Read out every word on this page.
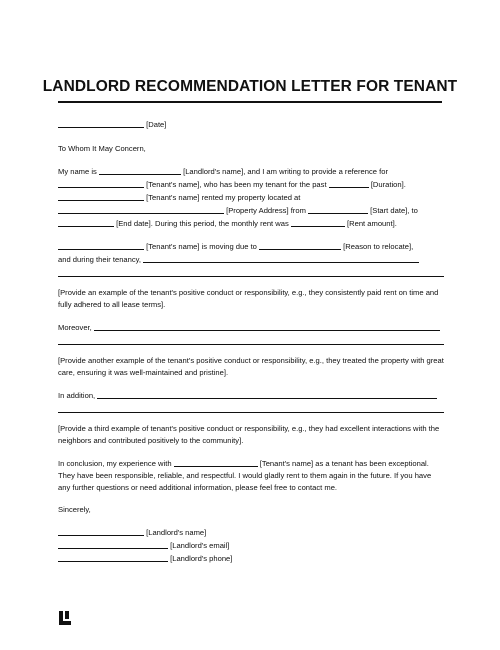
LANDLORD RECOMMENDATION LETTER FOR TENANT

[Date]

To Whom It May Concern,

My name is	[Landlord's name], and I am writing to provide a reference for
[Tenant's name], who has been my tenant for the past	[Duration].
[Tenant's name] rented my property located at
[Property Address] from	[Start date], to
[End date]. During this period, the monthly rent was	[Rent amount].

[Tenant's name] is moving due to	[Reason to relocate],
and during their tenancy,

[Provide an example of the tenant's positive conduct or responsibility, e.g., they consistently paid rent on time and fully adhered to all lease terms].

Moreover,

[Provide another example of the tenant's positive conduct or responsibility, e.g., they treated the property with great care, ensuring it was well-maintained and pristine].

In addition,

[Provide a third example of tenant's positive conduct or responsibility, e.g., they had excellent interactions with the neighbors and contributed positively to the community].

In conclusion, my experience with	[Tenant's name] as a tenant has been exceptional. They have been responsible, reliable, and respectful. I would gladly rent to them again in the future. If you have any further questions or need additional information, please feel free to contact me.

Sincerely,

[Landlord's name]
[Landlord's email]
[Landlord's phone]
